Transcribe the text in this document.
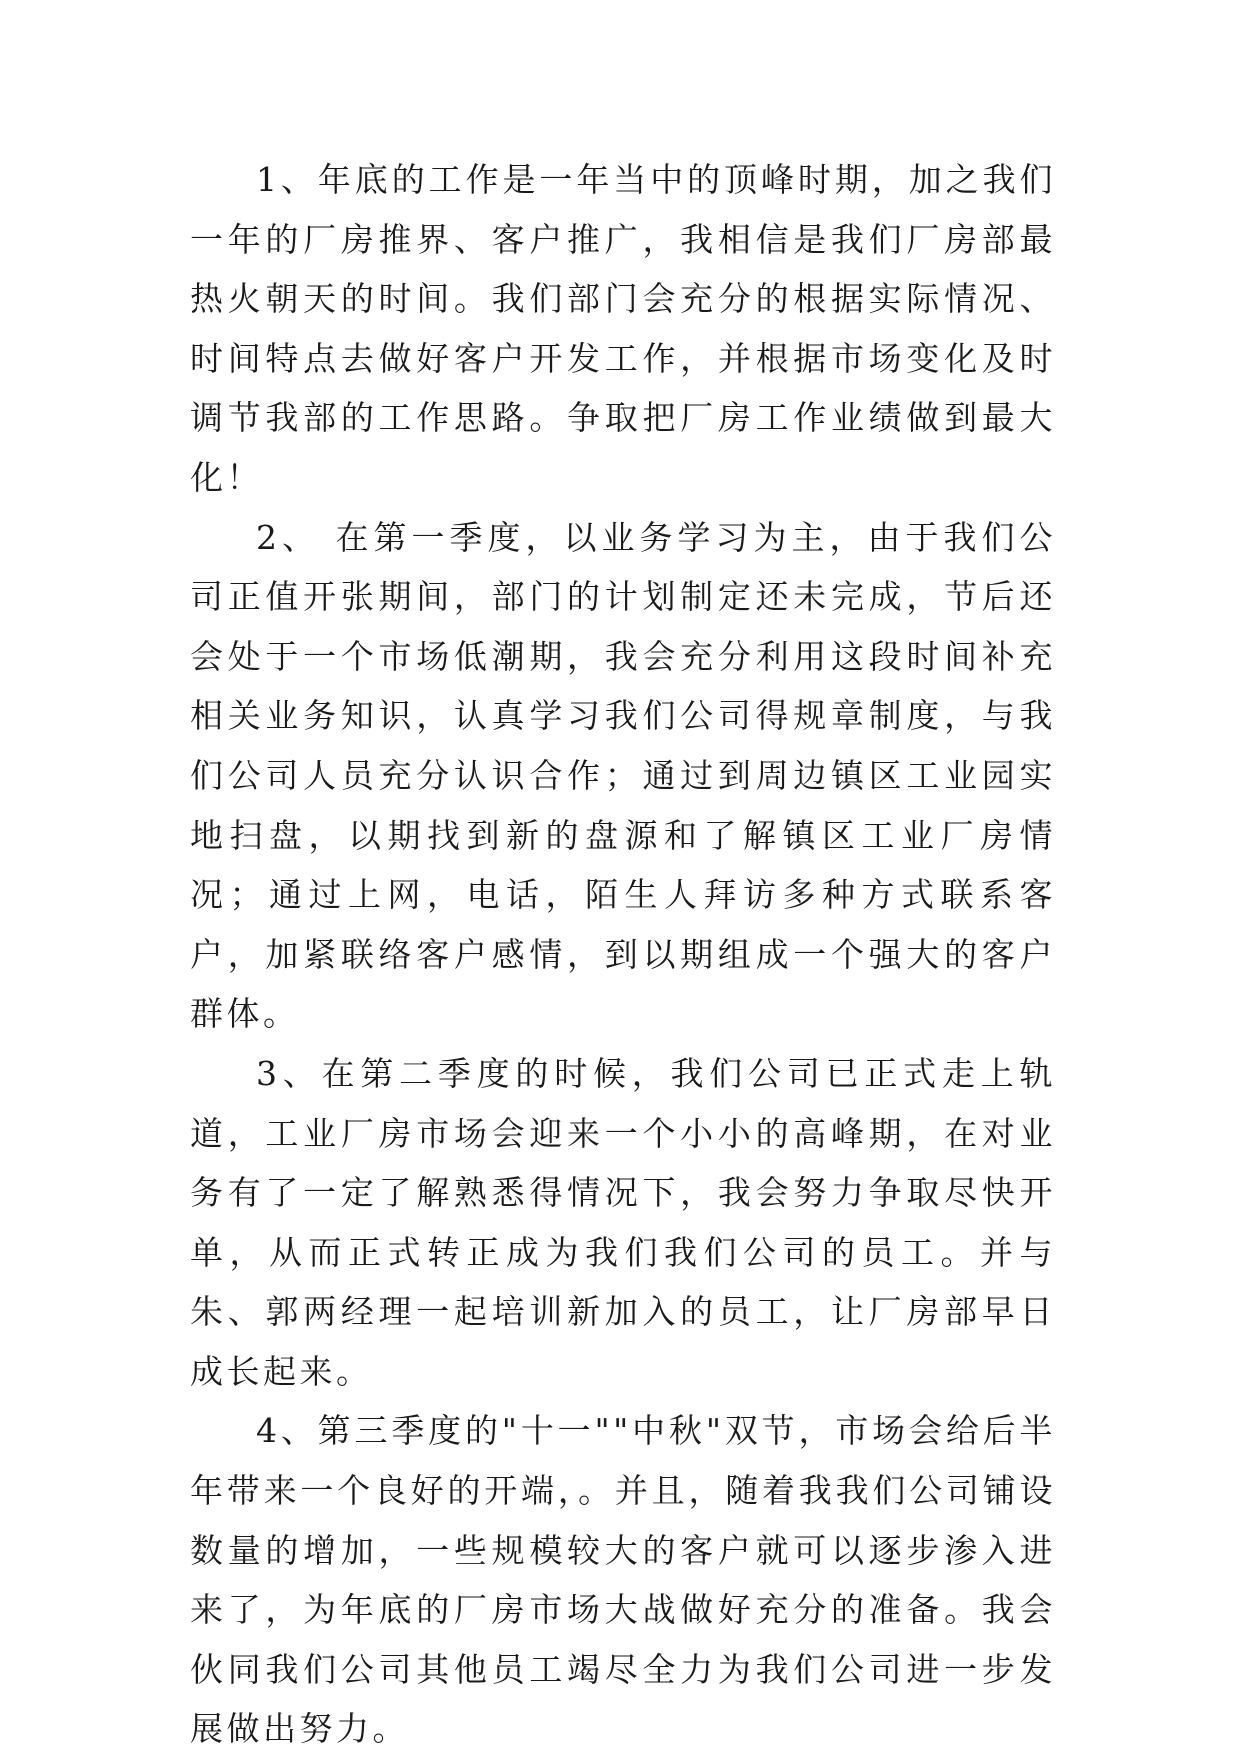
1、年底的工作是一年当中的顶峰时期，加之我们一年的厂房推界、客户推广，我相信是我们厂房部最热火朝天的时间。我们部门会充分的根据实际情况、时间特点去做好客户开发工作，并根据市场变化及时调节我部的工作思路。争取把厂房工作业绩做到最大化！

2、 在第一季度，以业务学习为主，由于我们公司正值开张期间，部门的计划制定还未完成，节后还会处于一个市场低潮期，我会充分利用这段时间补充相关业务知识，认真学习我们公司得规章制度，与我们公司人员充分认识合作；通过到周边镇区工业园实地扫盘，以期找到新的盘源和了解镇区工业厂房情况；通过上网，电话，陌生人拜访多种方式联系客户，加紧联络客户感情，到以期组成一个强大的客户群体。

3、在第二季度的时候，我们公司已正式走上轨道，工业厂房市场会迎来一个小小的高峰期，在对业务有了一定了解熟悉得情况下，我会努力争取尽快开单，从而正式转正成为我们我们公司的员工。并与朱、郭两经理一起培训新加入的员工，让厂房部早日成长起来。

4、第三季度的"十一""中秋"双节，市场会给后半年带来一个良好的开端，。并且，随着我我们公司铺设数量的增加，一些规模较大的客户就可以逐步渗入进来了，为年底的厂房市场大战做好充分的准备。我会伙同我们公司其他员工竭尽全力为我们公司进一步发展做出努力。
